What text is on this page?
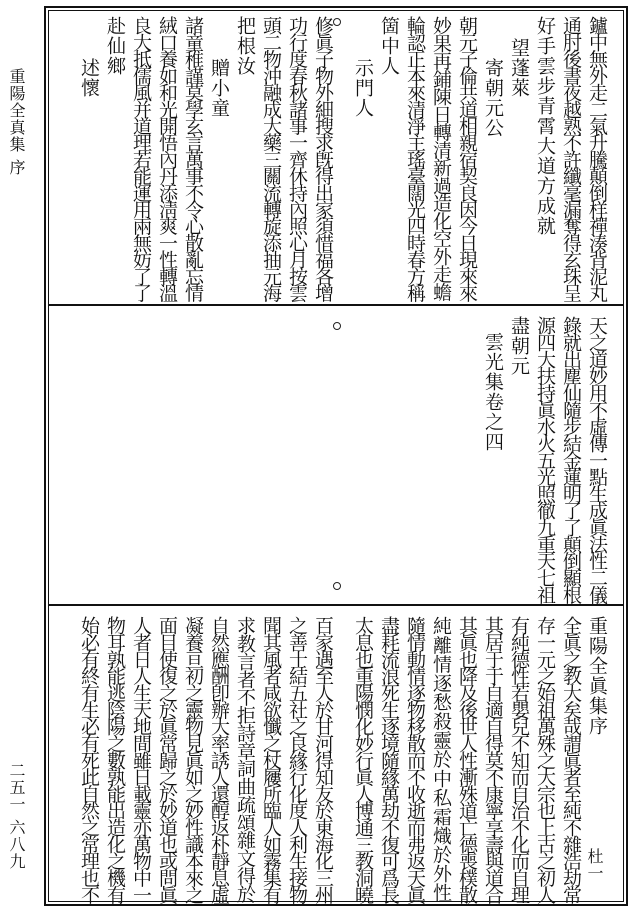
重陽全真集 序
二五一 六八九
鑪中無外走二氣升騰顛倒样禪湊背泥丸
通肘後書夜越熟不許纖毫漏奪得玄珠呈
好手雲步青霄大道方成就
望蓬萊
寄朝元公
朝元子倫共道相親宿契良因今日現來來
妙果再鋪陳日轉清新過造化空外走蟾
輪認正本來清淨主瑤臺闊光四時春方稱
箇中人
示門人
修眞子物外細搜求旣得出家須惜福各增
功行度春秋諸事一齊休持內照心月按雲
頭二物沖融成大藥三關流轉旋添抽元海
把根汝
贈小童
諸童稚謹莫學玄言萬事不令心散亂忘情
絨口養如和光開悟內丹添淸爽一性轉溫
良大抵儒風并道理若能運用兩無妨了了
赴仙鄉
述懷
天之道妙用不虛傳一點生成眞法性二儀
錄就出塵仙隨步結金蓮明了了顛倒顯根
源四大扶持眞水火五光照徹九重天七祖
盡朝元
雲光集卷之四
杜一
重陽全眞集序
全眞之教大矣哉謂眞者至純不雜浩劫常
存一元之始祖萬殊之大宗也上古之初人
有純德性若嬰兒不知而自治不化而自理
其居于于自適自得莫不康寧享壽與道合
其眞也降及後世人性漸殊道亡德喪樸散
純離情逐愁殺靈於中私霜熾於外性
隨情動情逐物移散而不收逝而弗返天眞
盡耗流浪死生逐境隨緣萬劫不復可爲長
太息也重陽憫化妙行眞人博通三教洞曉
百家遇至人於甘河得知友於東海化三州
之善士結五社之良緣行化度人利生接物
聞其風者咸欲懺之杖屨所臨人如霧集有
求教言者不拒詩章詞曲疏頌雜文得於
自然應酬卽辦大率誘人還醇返朴靜息虛
凝養亘初之靈物見眞如之妙性識本來之
面目使復之於眞常歸之於妙道也或問眞
人者日人生天地間雖日載靈亦萬物中一
物耳孰能逃陰陽之數孰能出造化之機有
始必有終有生必有死此自然之常理也不
